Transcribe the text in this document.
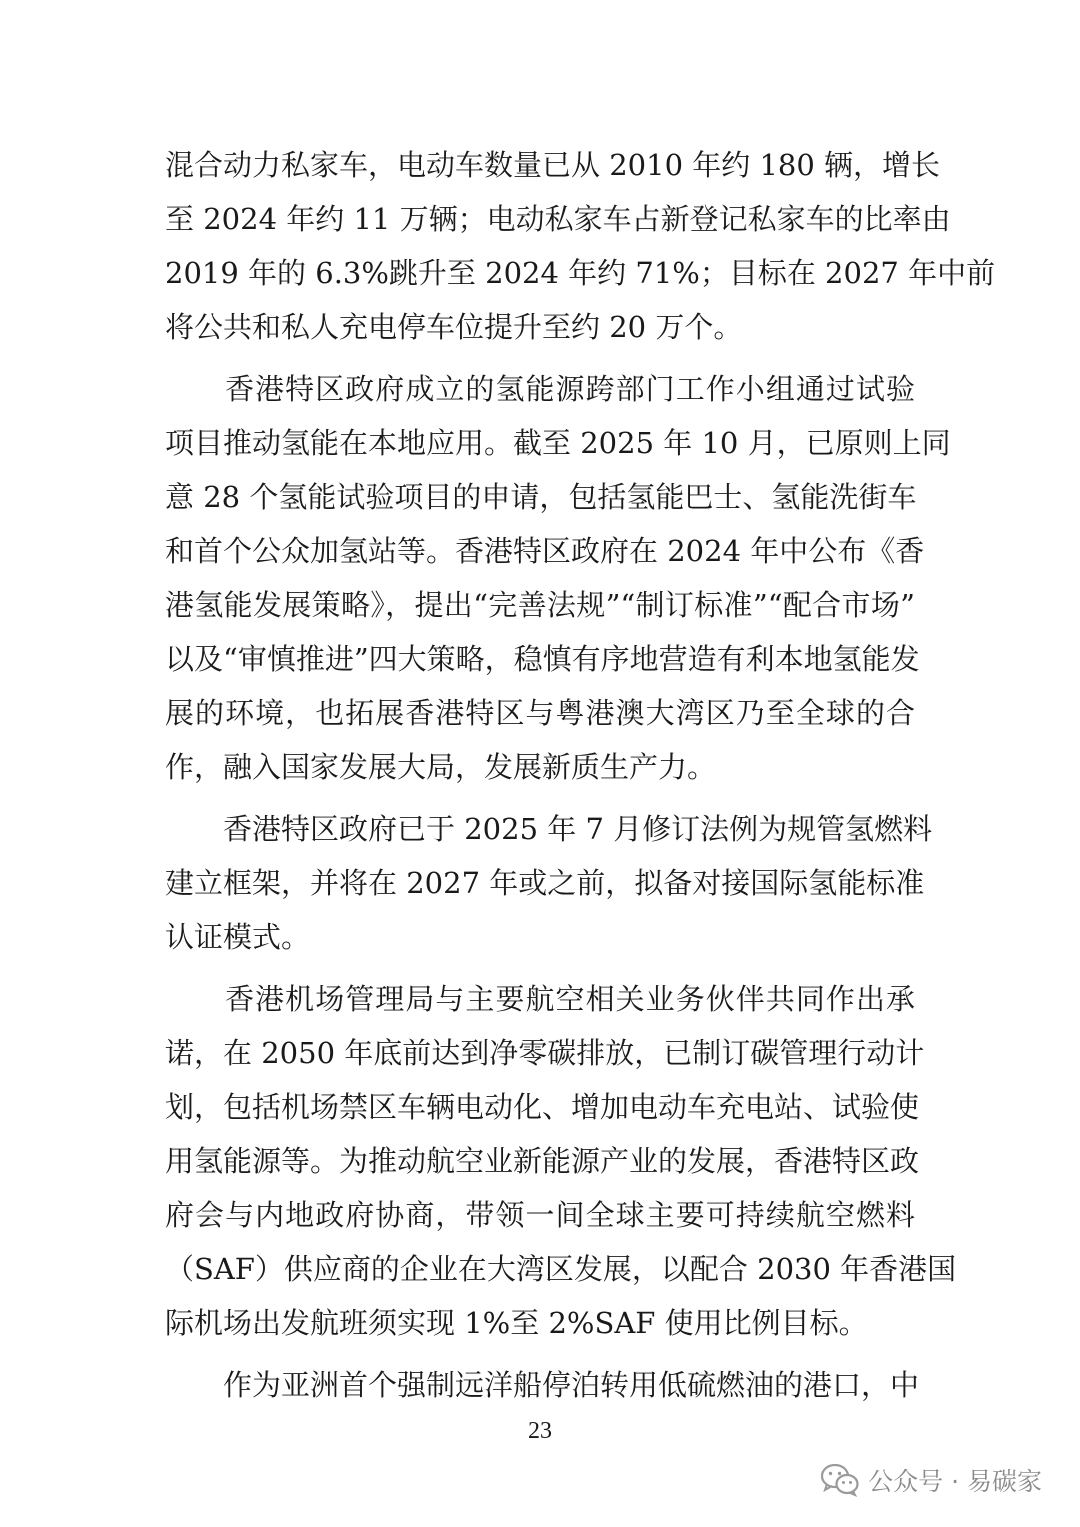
混合动力私家车，电动车数量已从 2010 年约 180 辆，增长
至 2024 年约 11 万辆；电动私家车占新登记私家车的比率由
2019 年的 6.3%跳升至 2024 年约 71%；目标在 2027 年中前
将公共和私人充电停车位提升至约 20 万个。
　　香港特区政府成立的氢能源跨部门工作小组通过试验
项目推动氢能在本地应用。截至 2025 年 10 月，已原则上同
意 28 个氢能试验项目的申请，包括氢能巴士、氢能洗街车
和首个公众加氢站等。香港特区政府在 2024 年中公布《香
港氢能发展策略》，提出“完善法规”“制订标准”“配合市场”
以及“审慎推进”四大策略，稳慎有序地营造有利本地氢能发
展的环境，也拓展香港特区与粤港澳大湾区乃至全球的合
作，融入国家发展大局，发展新质生产力。
　　香港特区政府已于 2025 年 7 月修订法例为规管氢燃料
建立框架，并将在 2027 年或之前，拟备对接国际氢能标准
认证模式。
　　香港机场管理局与主要航空相关业务伙伴共同作出承
诺，在 2050 年底前达到净零碳排放，已制订碳管理行动计
划，包括机场禁区车辆电动化、增加电动车充电站、试验使
用氢能源等。为推动航空业新能源产业的发展，香港特区政
府会与内地政府协商，带领一间全球主要可持续航空燃料
（SAF）供应商的企业在大湾区发展，以配合 2030 年香港国
际机场出发航班须实现 1%至 2%SAF 使用比例目标。
　　作为亚洲首个强制远洋船停泊转用低硫燃油的港口，中
23
公众号 · 易碳家
